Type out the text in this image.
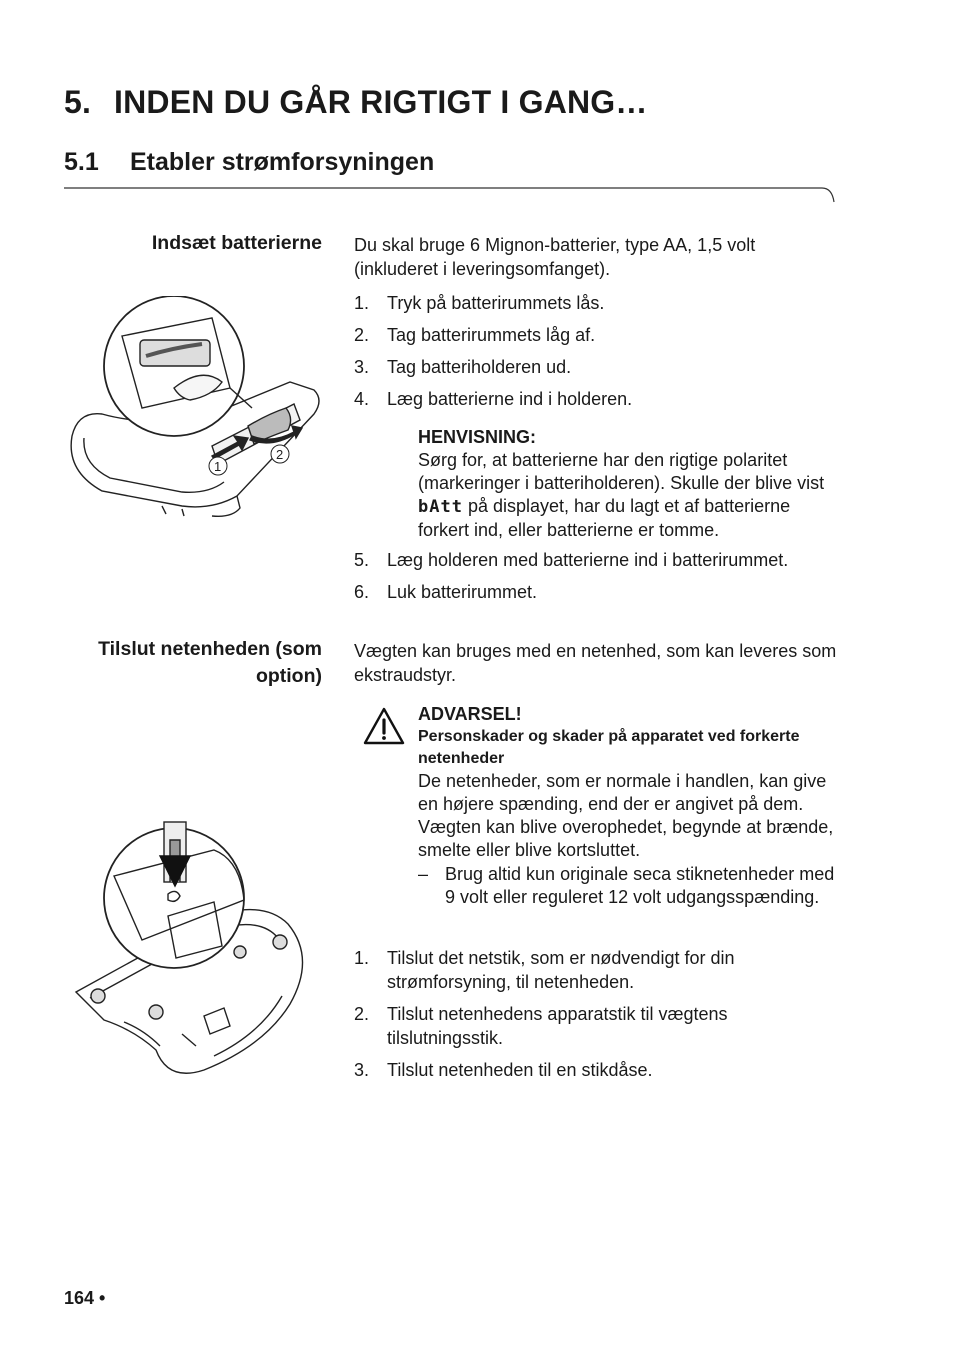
5. INDEN DU GÅR RIGTIGT I GANG…
5.1 Etabler strømforsyningen
Indsæt batterierne Du skal bruge 6 Mignon-batterier, type AA, 1,5 volt (inkluderet i leveringsomfanget).
1. Tryk på batterirummets lås.
2. Tag batterirummets låg af.
3. Tag batteriholderen ud.
4. Læg batterierne ind i holderen.
HENVISNING:
Sørg for, at batterierne har den rigtige polaritet (markeringer i batteriholderen). Skulle der blive vist bAtt på displayet, har du lagt et af batterierne forkert ind, eller batterierne er tomme.
5. Læg holderen med batterierne ind i batterirummet.
6. Luk batterirummet.
1
2
Tilslut netenheden (som option)
Vægten kan bruges med en netenhed, som kan leveres som ekstraudstyr.
ADVARSEL!
Personskader og skader på apparatet ved forkerte netenheder
De netenheder, som er normale i handlen, kan give en højere spænding, end der er angivet på dem. Vægten kan blive overophedet, begynde at brænde, smelte eller blive kortsluttet.
– Brug altid kun originale seca stiknetenheder med 9 volt eller reguleret 12 volt udgangsspænding.
1. Tilslut det netstik, som er nødvendigt for din strømforsyning, til netenheden.
2. Tilslut netenhedens apparatstik til vægtens tilslutningsstik.
3. Tilslut netenheden til en stikdåse.
164 •
